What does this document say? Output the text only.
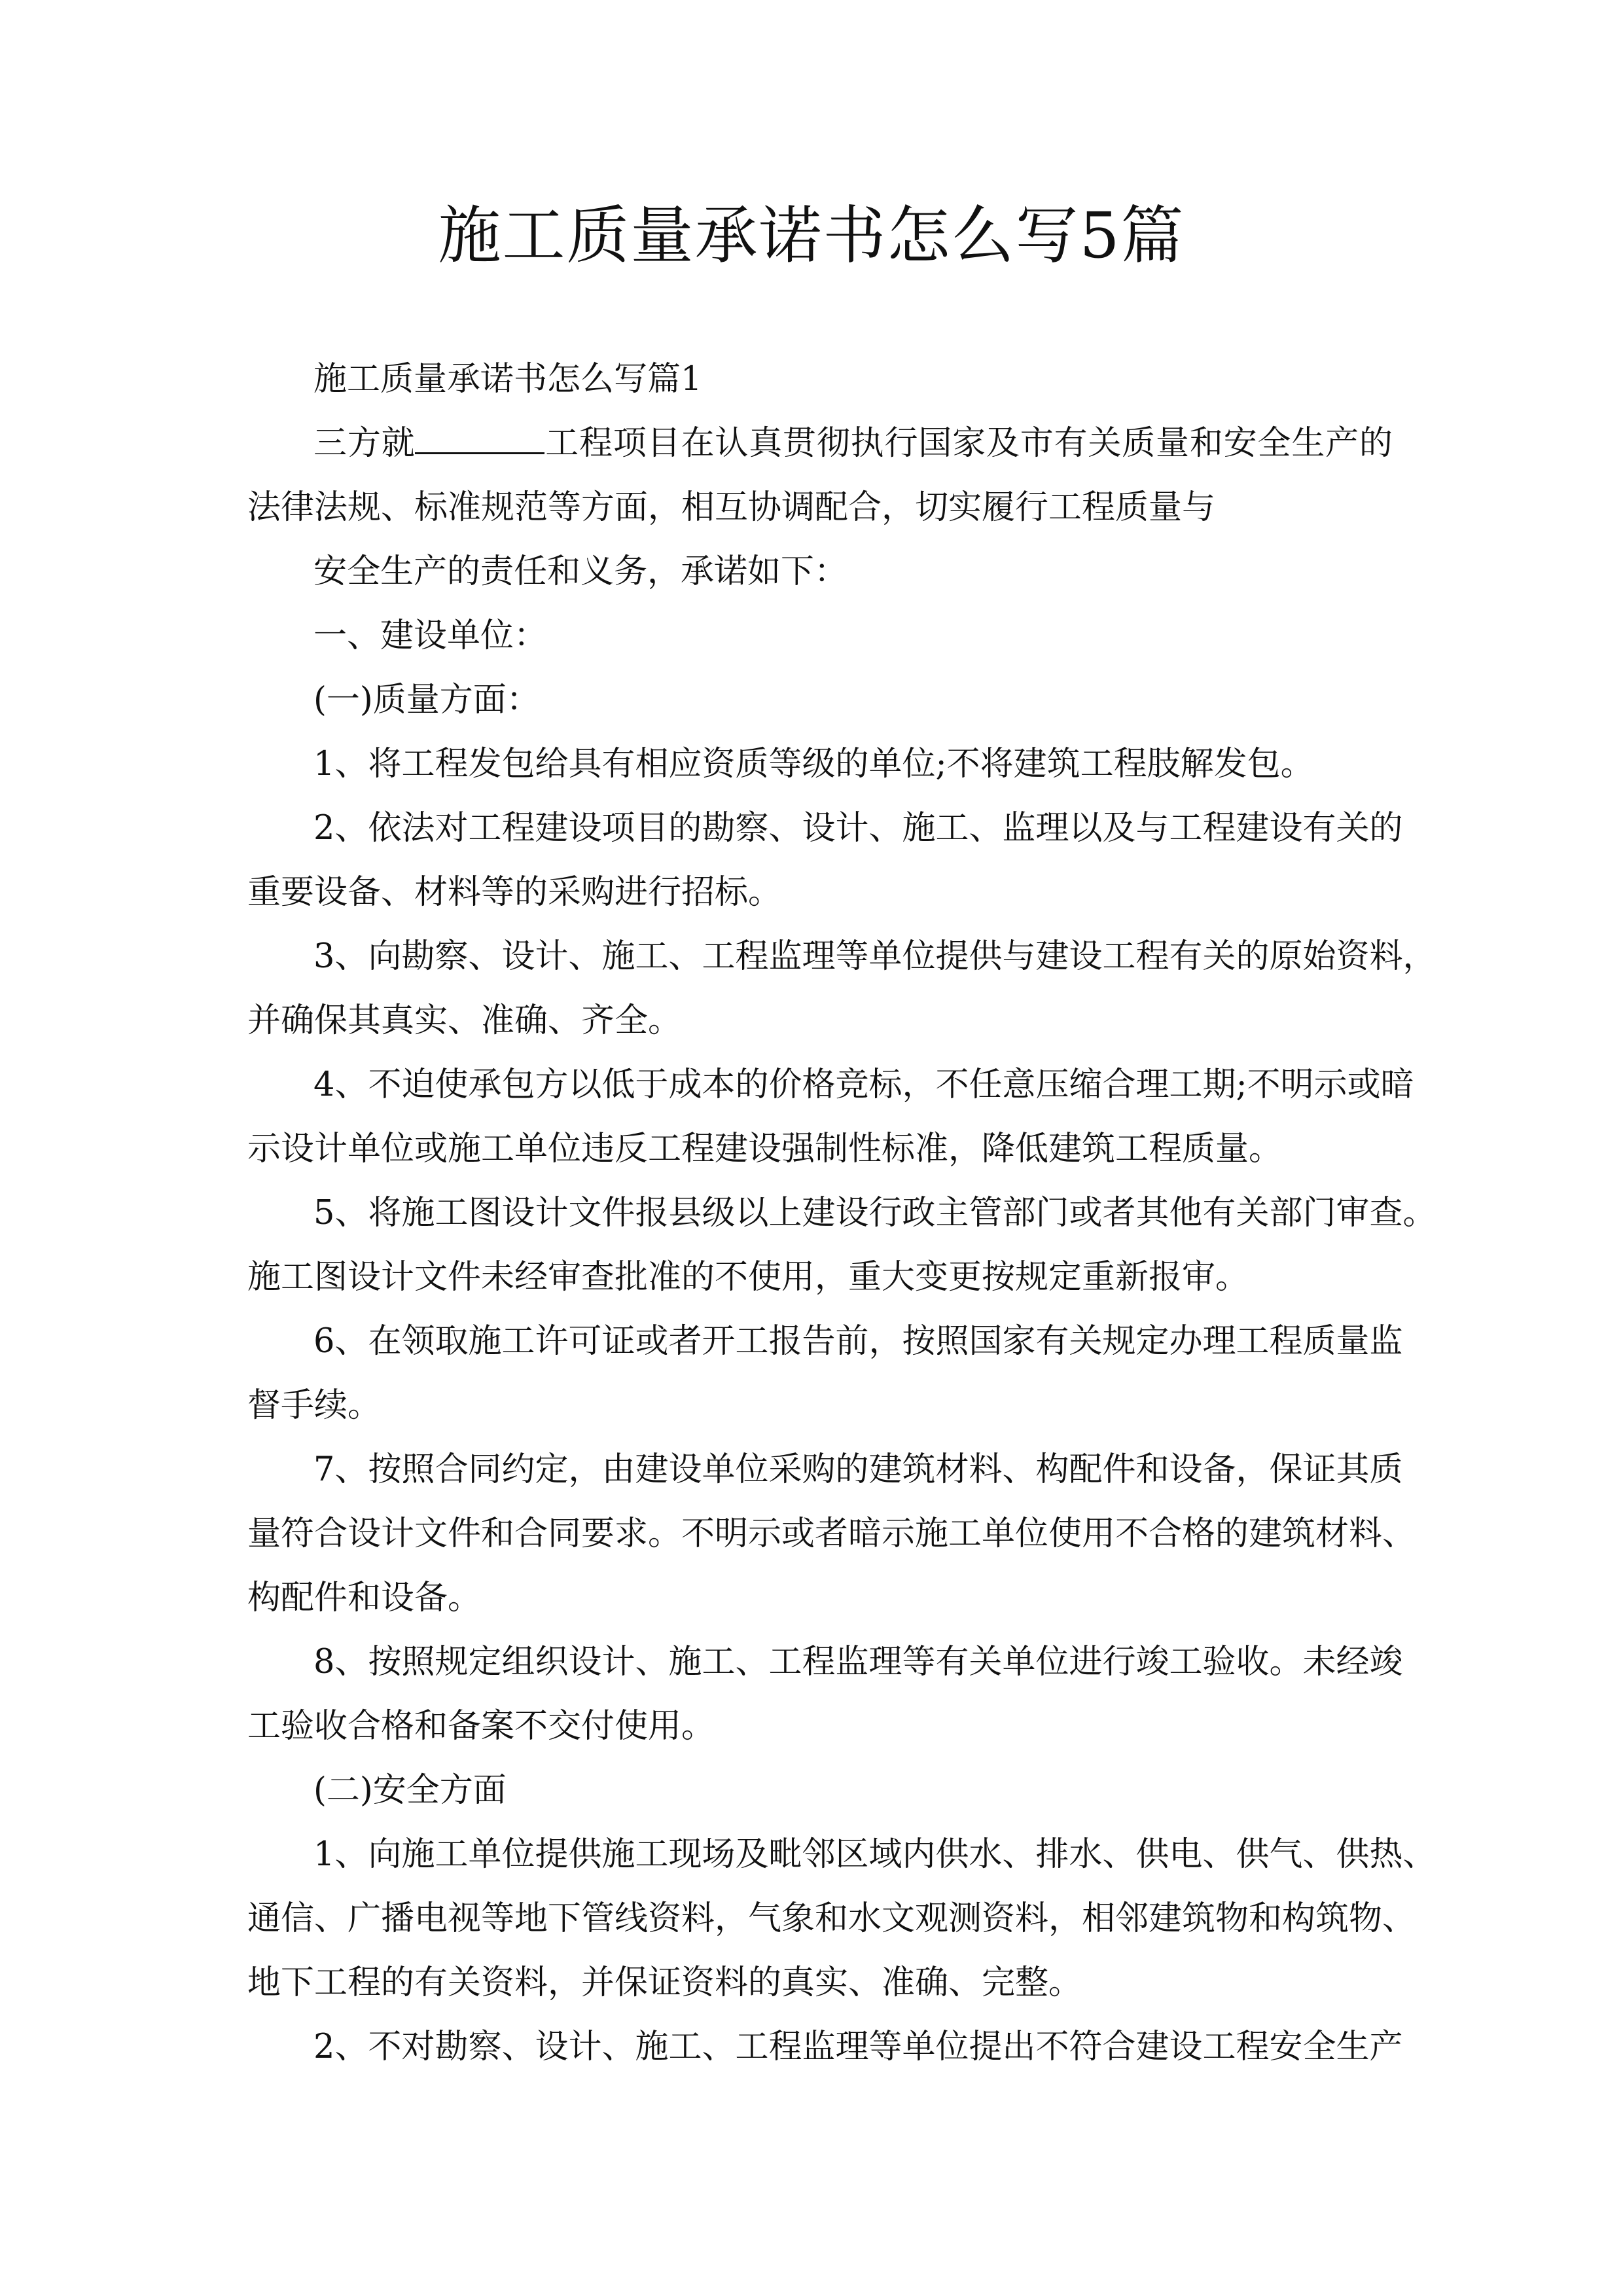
施工质量承诺书怎么写5篇
施工质量承诺书怎么写篇1
三方就	工程项目在认真贯彻执行国家及市有关质量和安全生产的
法律法规、标准规范等方面，相互协调配合，切实履行工程质量与
安全生产的责任和义务，承诺如下：
一、建设单位：
(一)质量方面：
1、将工程发包给具有相应资质等级的单位;不将建筑工程肢解发包。
2、依法对工程建设项目的勘察、设计、施工、监理以及与工程建设有关的
重要设备、材料等的采购进行招标。
3、向勘察、设计、施工、工程监理等单位提供与建设工程有关的原始资料，
并确保其真实、准确、齐全。
4、不迫使承包方以低于成本的价格竞标，不任意压缩合理工期;不明示或暗
示设计单位或施工单位违反工程建设强制性标准，降低建筑工程质量。
5、将施工图设计文件报县级以上建设行政主管部门或者其他有关部门审查。
施工图设计文件未经审查批准的不使用，重大变更按规定重新报审。
6、在领取施工许可证或者开工报告前，按照国家有关规定办理工程质量监
督手续。
7、按照合同约定，由建设单位采购的建筑材料、构配件和设备，保证其质
量符合设计文件和合同要求。不明示或者暗示施工单位使用不合格的建筑材料、
构配件和设备。
8、按照规定组织设计、施工、工程监理等有关单位进行竣工验收。未经竣
工验收合格和备案不交付使用。
(二)安全方面
1、向施工单位提供施工现场及毗邻区域内供水、排水、供电、供气、供热、
通信、广播电视等地下管线资料，气象和水文观测资料，相邻建筑物和构筑物、
地下工程的有关资料，并保证资料的真实、准确、完整。
2、不对勘察、设计、施工、工程监理等单位提出不符合建设工程安全生产
